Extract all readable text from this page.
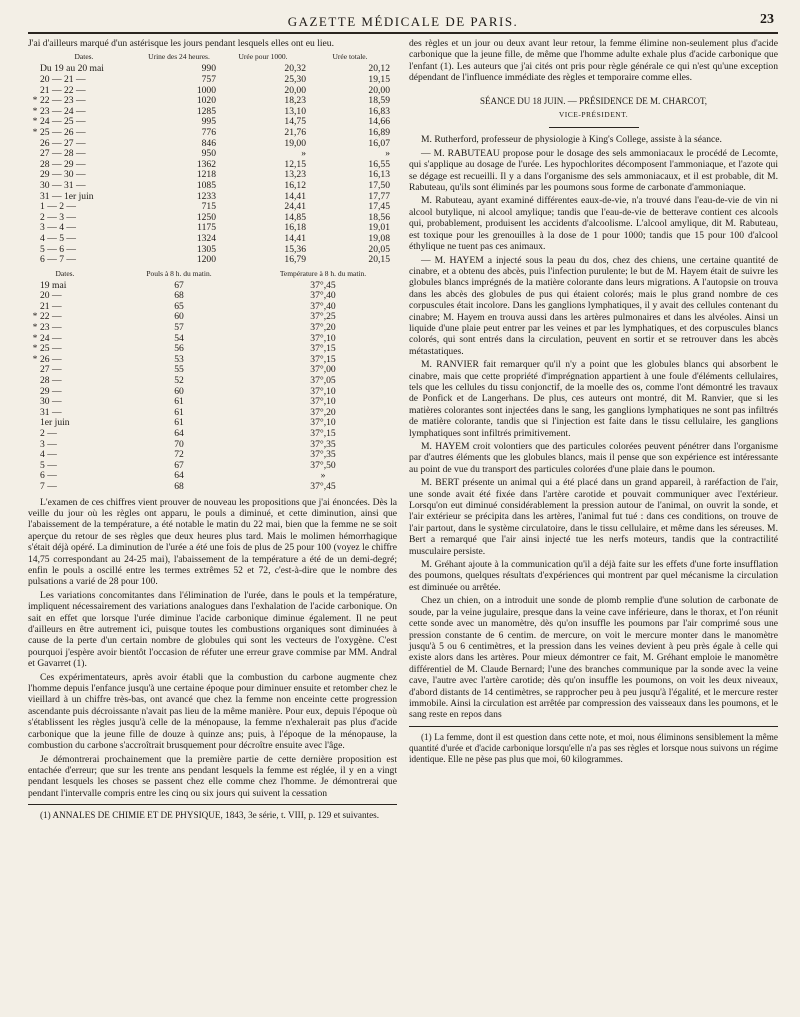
GAZETTE MÉDICALE DE PARIS.	23

J'ai d'ailleurs marqué d'un astérisque les jours pendant lesquels elles ont eu lieu.

Dates.	Urine des 24 heures.	Urée pour 1000.	Urée totale.
Du 19 au 20 mai	990	20,32	20,12
20 — 21 —	757	25,30	19,15
21 — 22 —	1000	20,00	20,00
* 22 — 23 —	1020	18,23	18,59
* 23 — 24 —	1285	13,10	16,83
* 24 — 25 —	995	14,75	14,66
* 25 — 26 —	776	21,76	16,89
26 — 27 —	846	19,00	16,07
27 — 28 —	950	»	»
28 — 29 —	1362	12,15	16,55
29 — 30 —	1218	13,23	16,13
30 — 31 —	1085	16,12	17,50
31 — 1er juin	1233	14,41	17,77
1 — 2 —	715	24,41	17,45
2 — 3 —	1250	14,85	18,56
3 — 4 —	1175	16,18	19,01
4 — 5 —	1324	14,41	19,08
5 — 6 —	1305	15,36	20,05
6 — 7 —	1200	16,79	20,15
Dates.	Pouls à 8 h. du matin.	Température à 8 h. du matin.
19 mai	67	37°,45
20 —	68	37°,40
21 —	65	37°,40
* 22 —	60	37°,25
* 23 —	57	37°,20
* 24 —	54	37°,10
* 25 —	56	37°,15
* 26 —	53	37°,15
27 —	55	37°,00
28 —	52	37°,05
29 —	60	37°,10
30 —	61	37°,10
31 —	61	37°,20
1er juin	61	37°,10
2 —	64	37°,15
3 —	70	37°,35
4 —	72	37°,35
5 —	67	37°,50
6 —	64	»
7 —	68	37°,45

L'examen de ces chiffres vient prouver de nouveau les propositions que j'ai énoncées. Dès la veille du jour où les règles ont apparu, le pouls a diminué, et cette diminution, ainsi que l'abaissement de la température, a été notable le matin du 22 mai, bien que la femme ne se soit aperçue du retour de ses règles que deux heures plus tard. Mais le molimen hémorrhagique s'était déjà opéré. La diminution de l'urée a été une fois de plus de 25 pour 100 (voyez le chiffre 14,75 correspondant au 24-25 mai), l'abaissement de la température a été de un demi-degré; enfin le pouls a oscillé entre les termes extrêmes 52 et 72, c'est-à-dire que le nombre des pulsations a varié de 28 pour 100.

Les variations concomitantes dans l'élimination de l'urée, dans le pouls et la température, impliquent nécessairement des variations analogues dans l'exhalation de l'acide carbonique. On sait en effet que lorsque l'urée diminue l'acide carbonique diminue également. Il ne peut d'ailleurs en être autrement ici, puisque toutes les combustions organiques sont diminuées à cause de la perte d'un certain nombre de globules qui sont les vecteurs de l'oxygène. C'est pourquoi j'espère avoir bientôt l'occasion de réfuter une erreur grave commise par MM. Andral et Gavarret (1).

Ces expérimentateurs, après avoir établi que la combustion du carbone augmente chez l'homme depuis l'enfance jusqu'à une certaine époque pour diminuer ensuite et retomber chez le vieillard à un chiffre très-bas, ont avancé que chez la femme non enceinte cette progression ascendante puis décroissante n'avait pas lieu de la même manière. Pour eux, depuis l'époque où s'établissent les règles jusqu'à celle de la ménopause, la femme n'exhalerait pas plus d'acide carbonique que la jeune fille de douze à quinze ans; puis, à l'époque de la ménopause, la combustion du carbone s'accroîtrait brusquement pour décroître ensuite avec l'âge.

Je démontrerai prochainement que la première partie de cette dernière proposition est entachée d'erreur; que sur les trente ans pendant lesquels la femme est réglée, il y en a vingt pendant lesquels les choses se passent chez elle comme chez l'homme. Je démontrerai que pendant l'intervalle compris entre les cinq ou six jours qui suivent la cessation

(1) ANNALES DE CHIMIE ET DE PHYSIQUE, 1843, 3e série, t. VIII, p. 129 et suivantes.

des règles et un jour ou deux avant leur retour, la femme élimine non-seulement plus d'acide carbonique que la jeune fille, de même que l'homme adulte exhale plus d'acide carbonique que l'enfant (1). Les auteurs que j'ai cités ont pris pour règle générale ce qui n'est qu'une exception dépendant de l'influence immédiate des règles et temporaire comme elles.

SÉANCE DU 18 JUIN. — PRÉSIDENCE DE M. CHARCOT,
VICE-PRÉSIDENT.

M. Rutherford, professeur de physiologie à King's College, assiste à la séance.

— M. RABUTEAU propose pour le dosage des sels ammoniacaux le procédé de Lecomte, qui s'applique au dosage de l'urée. Les hypochlorites décomposent l'ammoniaque, et l'azote qui se dégage est recueilli. Il y a dans l'organisme des sels ammoniacaux, et il est probable, dit M. Rabuteau, qu'ils sont éliminés par les poumons sous forme de carbonate d'ammoniaque.

M. Rabuteau, ayant examiné différentes eaux-de-vie, n'a trouvé dans l'eau-de-vie de vin ni alcool butylique, ni alcool amylique; tandis que l'eau-de-vie de betterave contient ces alcools qui, probablement, produisent les accidents d'alcoolisme. L'alcool amylique, dit M. Rabuteau, est toxique pour les grenouilles à la dose de 1 pour 1000; tandis que 15 pour 100 d'alcool éthylique ne tuent pas ces animaux.

— M. HAYEM a injecté sous la peau du dos, chez des chiens, une certaine quantité de cinabre, et a obtenu des abcès, puis l'infection purulente; le but de M. Hayem était de suivre les globules blancs imprégnés de la matière colorante dans leurs migrations. A l'autopsie on trouva dans les abcès des globules de pus qui étaient colorés; mais le plus grand nombre de ces corpuscules était incolore. Dans les ganglions lymphatiques, il y avait des cellules contenant du cinabre; M. Hayem en trouva aussi dans les artères pulmonaires et dans les alvéoles. Ainsi un liquide d'une plaie peut entrer par les veines et par les lymphatiques, et des corpuscules blancs colorés, qui sont entrés dans la circulation, peuvent en sortir et se retrouver dans les abcès métastatiques.

M. RANVIER fait remarquer qu'il n'y a point que les globules blancs qui absorbent le cinabre, mais que cette propriété d'imprégnation appartient à une foule d'éléments cellulaires, tels que les cellules du tissu conjonctif, de la moelle des os, comme l'ont démontré les travaux de Ponfick et de Langerhans. De plus, ces auteurs ont montré, dit M. Ranvier, que si les matières colorantes sont injectées dans le sang, les ganglions lymphatiques ne sont pas infiltrés de matière colorante, tandis que si l'injection est faite dans le tissu cellulaire, les ganglions lymphatiques sont infiltrés primitivement.

M. HAYEM croit volontiers que des particules colorées peuvent pénétrer dans l'organisme par d'autres éléments que les globules blancs, mais il pense que son expérience est intéressante au point de vue du transport des particules colorées d'une plaie dans le poumon.

M. BERT présente un animal qui a été placé dans un grand appareil, à raréfaction de l'air, une sonde avait été fixée dans l'artère carotide et pouvait communiquer avec l'extérieur. Lorsqu'on eut diminué considérablement la pression autour de l'animal, on ouvrit la sonde, et l'air extérieur se précipita dans les artères, l'animal fut tué : dans ces conditions, on trouve de l'air partout, dans le système circulatoire, dans le tissu cellulaire, et même dans les séreuses. M. Bert a remarqué que l'air ainsi injecté tue les nerfs moteurs, tandis que la contractilité musculaire persiste.

M. Gréhant ajoute à la communication qu'il a déjà faite sur les effets d'une forte insufflation des poumons, quelques résultats d'expériences qui montrent par quel mécanisme la circulation est diminuée ou arrêtée.

Chez un chien, on a introduit une sonde de plomb remplie d'une solution de carbonate de soude, par la veine jugulaire, presque dans la veine cave inférieure, dans le thorax, et l'on réunit cette sonde avec un manomètre, dès qu'on insuffle les poumons par l'air comprimé sous une pression constante de 6 centim. de mercure, on voit le mercure monter dans le manomètre jusqu'à 5 ou 6 centimètres, et la pression dans les veines devient à peu près égale à celle qui existe alors dans les artères. Pour mieux démontrer ce fait, M. Gréhant emploie le manomètre différentiel de M. Claude Bernard; l'une des branches communique par la sonde avec la veine cave, l'autre avec l'artère carotide; dès qu'on insuffle les poumons, on voit les deux niveaux, d'abord distants de 14 centimètres, se rapprocher peu à peu jusqu'à l'égalité, et le mercure rester immobile. Ainsi la circulation est arrêtée par compression des vaisseaux dans les poumons, et le sang reste en repos dans

(1) La femme, dont il est question dans cette note, et moi, nous éliminons sensiblement la même quantité d'urée et d'acide carbonique lorsqu'elle n'a pas ses règles et lorsque nous suivons un régime identique. Elle ne pèse pas plus que moi, 60 kilogrammes.
